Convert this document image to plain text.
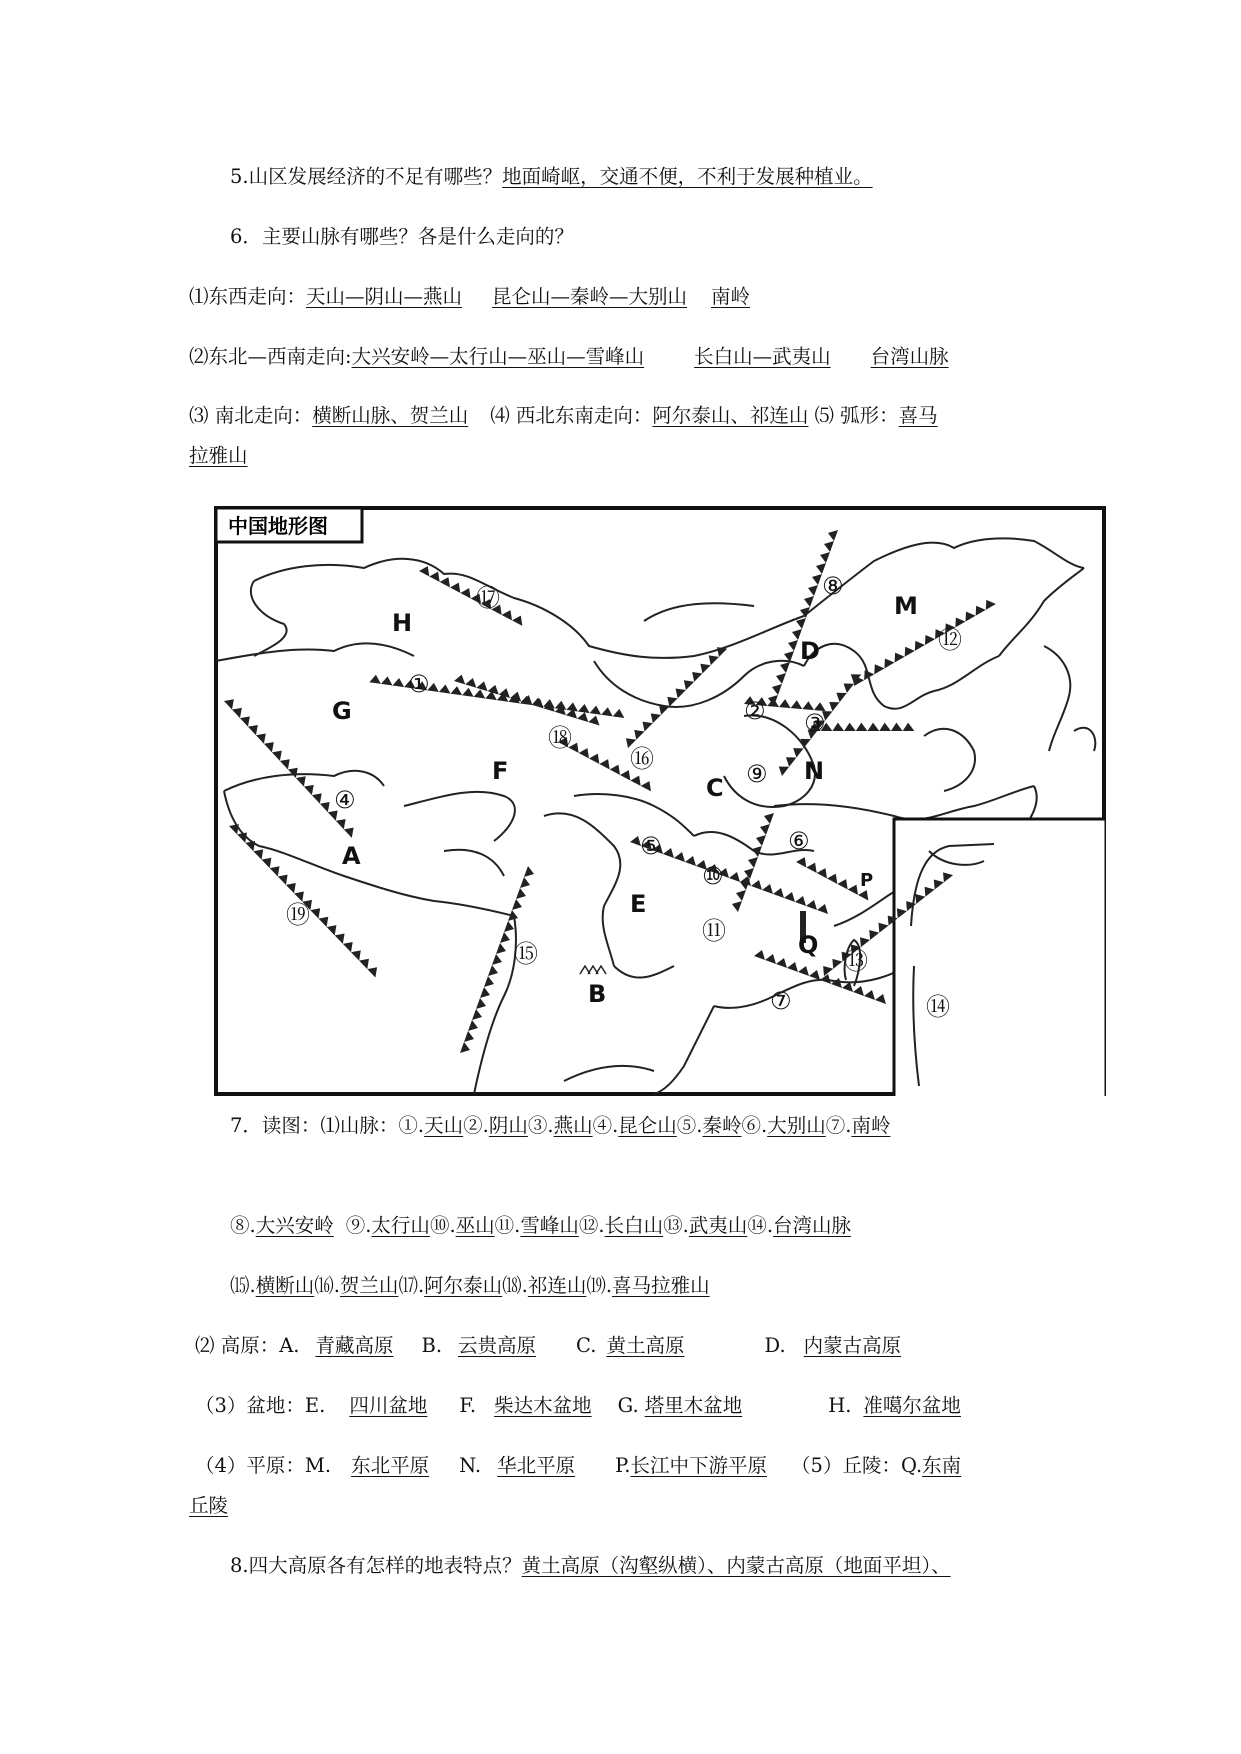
5.山区发展经济的不足有哪些？地面崎岖，交通不便，不利于发展种植业。
6．主要山脉有哪些？各是什么走向的？
⑴东西走向：天山—阴山—燕山 昆仑山—秦岭—大别山 南岭
⑵东北—西南走向:大兴安岭—太行山—巫山—雪峰山	长白山—武夷山 台湾山脉
⑶ 南北走向：横断山脉、贺兰山 ⑷ 西北东南走向：阿尔泰山、祁连山 ⑸ 弧形：喜马
拉雅山
中国地形图
H
G
F
A
D
M
C
N
E
P
Q
B
①
② ③
④
⑤	⑥
⑦
⑧
⑨
⑩
⑪
⑫
⑬
⑭
⑮
⑯
⑰
⑱
⑲
7．读图：⑴山脉：①.天山②.阴山③.燕山④.昆仑山⑤.秦岭⑥.大别山⑦.南岭
⑧.大兴安岭 ⑨.太行山⑩.巫山⑪.雪峰山⑫.长白山⑬.武夷山⑭.台湾山脉
⒂.横断山⒃.贺兰山⒄.阿尔泰山⒅.祁连山⒆.喜马拉雅山
⑵ 高原：A. 青藏高原 B. 云贵高原 C. 黄土高原	D. 内蒙古高原
（3）盆地：E. 四川盆地 F. 柴达木盆地 G. 塔里木盆地	H. 准噶尔盆地
（4）平原：M. 东北平原 N. 华北平原 P.长江中下游平原 （5）丘陵：Q.东南
丘陵
8.四大高原各有怎样的地表特点？黄土高原（沟壑纵横）、内蒙古高原（地面平坦）、
